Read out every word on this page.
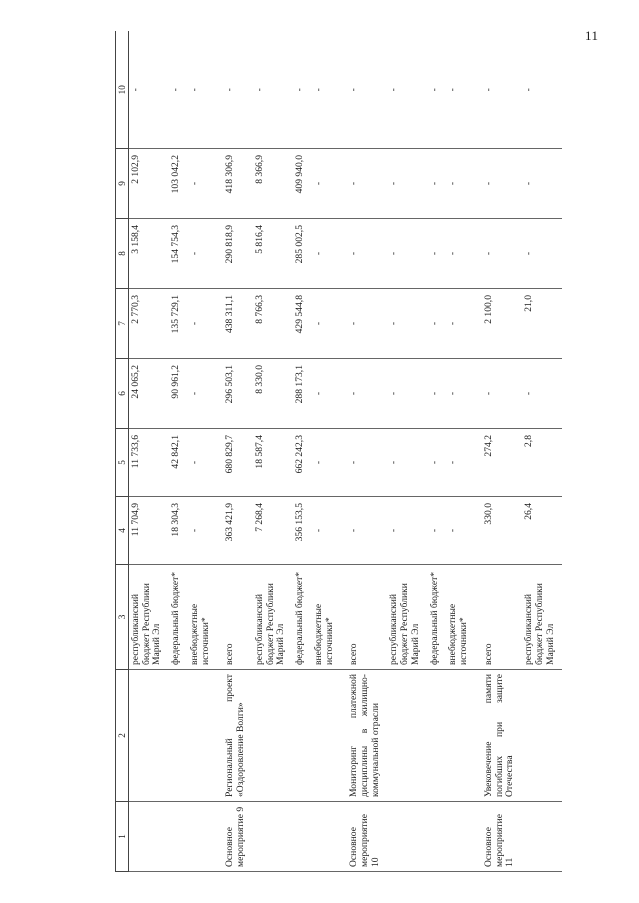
11
1	2	3	4	5	6	7	8	9	10
		республиканский бюджет Республики Марий Эл	11 704,9	11 733,6	24 065,2	2 770,3	3 158,4	2 102,9	-
		федеральный бюджет*	18 304,3	42 842,1	90 961,2	135 729,1	154 754,3	103 042,2	-
		внебюджетные источники*	-	-	-	-	-	-	-

Основное мероприятие 9	Региональный проект «Оздоровление Волги»	всего	363 421,9	680 829,7	296 503,1	438 311,1	290 818,9	418 306,9	-
		республиканский бюджет Республики Марий Эл	7 268,4	18 587,4	8 330,0	8 766,3	5 816,4	8 366,9	-
		федеральный бюджет*	356 153,5	662 242,3	288 173,1	429 544,8	285 002,5	409 940,0	-
		внебюджетные источники*	-	-	-	-	-	-	-

Основное мероприятие 10	Мониторинг платежной дисциплины в жилищно-коммунальной отрасли	всего	-	-	-	-	-	-	-
		республиканский бюджет Республики Марий Эл	-	-	-	-	-	-	-
		федеральный бюджет*	-	-	-	-	-	-	-
		внебюджетные источники*	-	-	-	-	-	-	-

Основное мероприятие 11	Увековечение памяти погибших при защите Отечества	всего	330,0	274,2	-	2 100,0	-	-	-
		республиканский бюджет Республики Марий Эл	26,4	2,8	-	21,0	-	-	-
